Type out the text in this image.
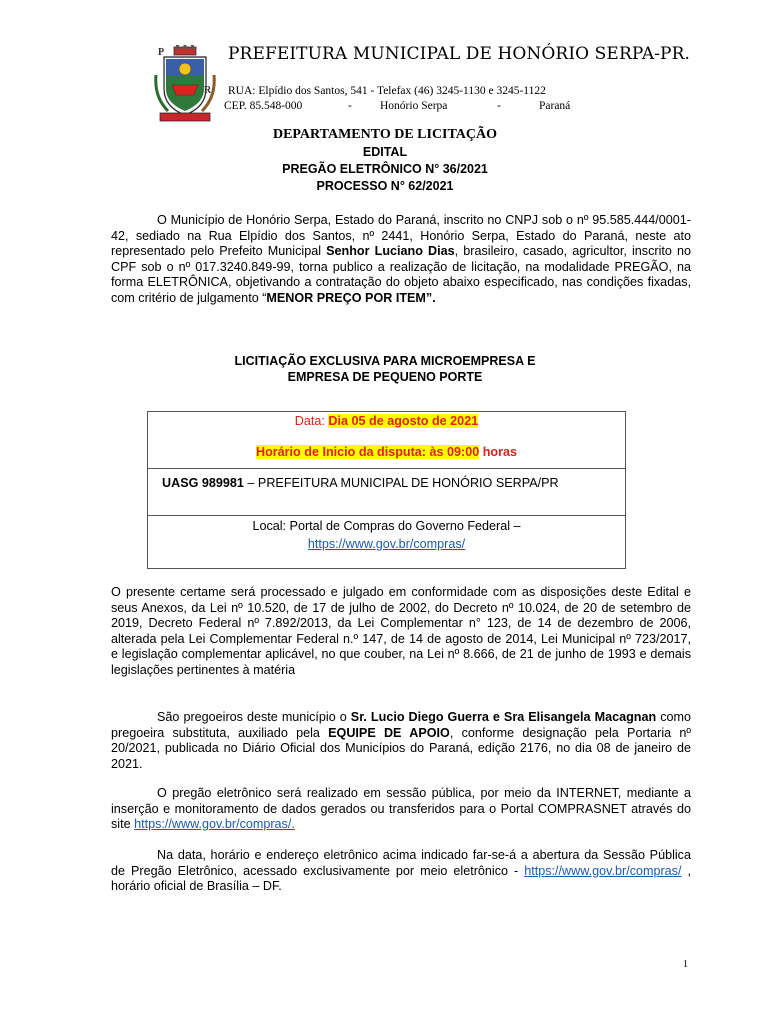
P
R
PREFEITURA MUNICIPAL DE HONÓRIO SERPA-PR.
RUA: Elpídio dos Santos, 541 - Telefax (46) 3245-1130 e 3245-1122
CEP. 85.548-000	- Honório Serpa	-	Paraná
DEPARTAMENTO DE LICITAÇÃO
EDITAL
PREGÃO ELETRÔNICO N° 36/2021
PROCESSO N° 62/2021

O Município de Honório Serpa, Estado do Paraná, inscrito no CNPJ sob o nº 95.585.444/0001-42, sediado na Rua Elpídio dos Santos, nº 2441, Honório Serpa, Estado do Paraná, neste ato representado pelo Prefeito Municipal Senhor Luciano Dias, brasileiro, casado, agricultor, inscrito no CPF sob o nº 017.3240.849-99, torna publico a realização de licitação, na modalidade PREGÃO, na forma ELETRÔNICA, objetivando a contratação do objeto abaixo especificado, nas condições fixadas, com critério de julgamento “MENOR PREÇO POR ITEM”.

LICITIAÇÃO EXCLUSIVA PARA MICROEMPRESA E
EMPRESA DE PEQUENO PORTE
Data: Dia 05 de agosto de 2021
Horário de Inicio da disputa: às 09:00 horas
UASG 989981 – PREFEITURA MUNICIPAL DE HONÓRIO SERPA/PR
Local: Portal de Compras do Governo Federal –
https://www.gov.br/compras/

O presente certame será processado e julgado em conformidade com as disposições deste Edital e seus Anexos, da Lei nº 10.520, de 17 de julho de 2002, do Decreto nº 10.024, de 20 de setembro de 2019, Decreto Federal nº 7.892/2013, da Lei Complementar n° 123, de 14 de dezembro de 2006, alterada pela Lei Complementar Federal n.º 147, de 14 de agosto de 2014, Lei Municipal nº 723/2017, e legislação complementar aplicável, no que couber, na Lei nº 8.666, de 21 de junho de 1993 e demais legislações pertinentes à matéria

São pregoeiros deste município o Sr. Lucio Diego Guerra e Sra Elisangela Macagnan como pregoeira substituta, auxiliado pela EQUIPE DE APOIO, conforme designação pela Portaria nº 20/2021, publicada no Diário Oficial dos Municípios do Paraná, edição 2176, no dia 08 de janeiro de 2021.

O pregão eletrônico será realizado em sessão pública, por meio da INTERNET, mediante a inserção e monitoramento de dados gerados ou transferidos para o Portal COMPRASNET através do site https://www.gov.br/compras/.

Na data, horário e endereço eletrônico acima indicado far-se-á a abertura da Sessão Pública de Pregão Eletrônico, acessado exclusivamente por meio eletrônico - https://www.gov.br/compras/ , horário oficial de Brasília – DF.

1
